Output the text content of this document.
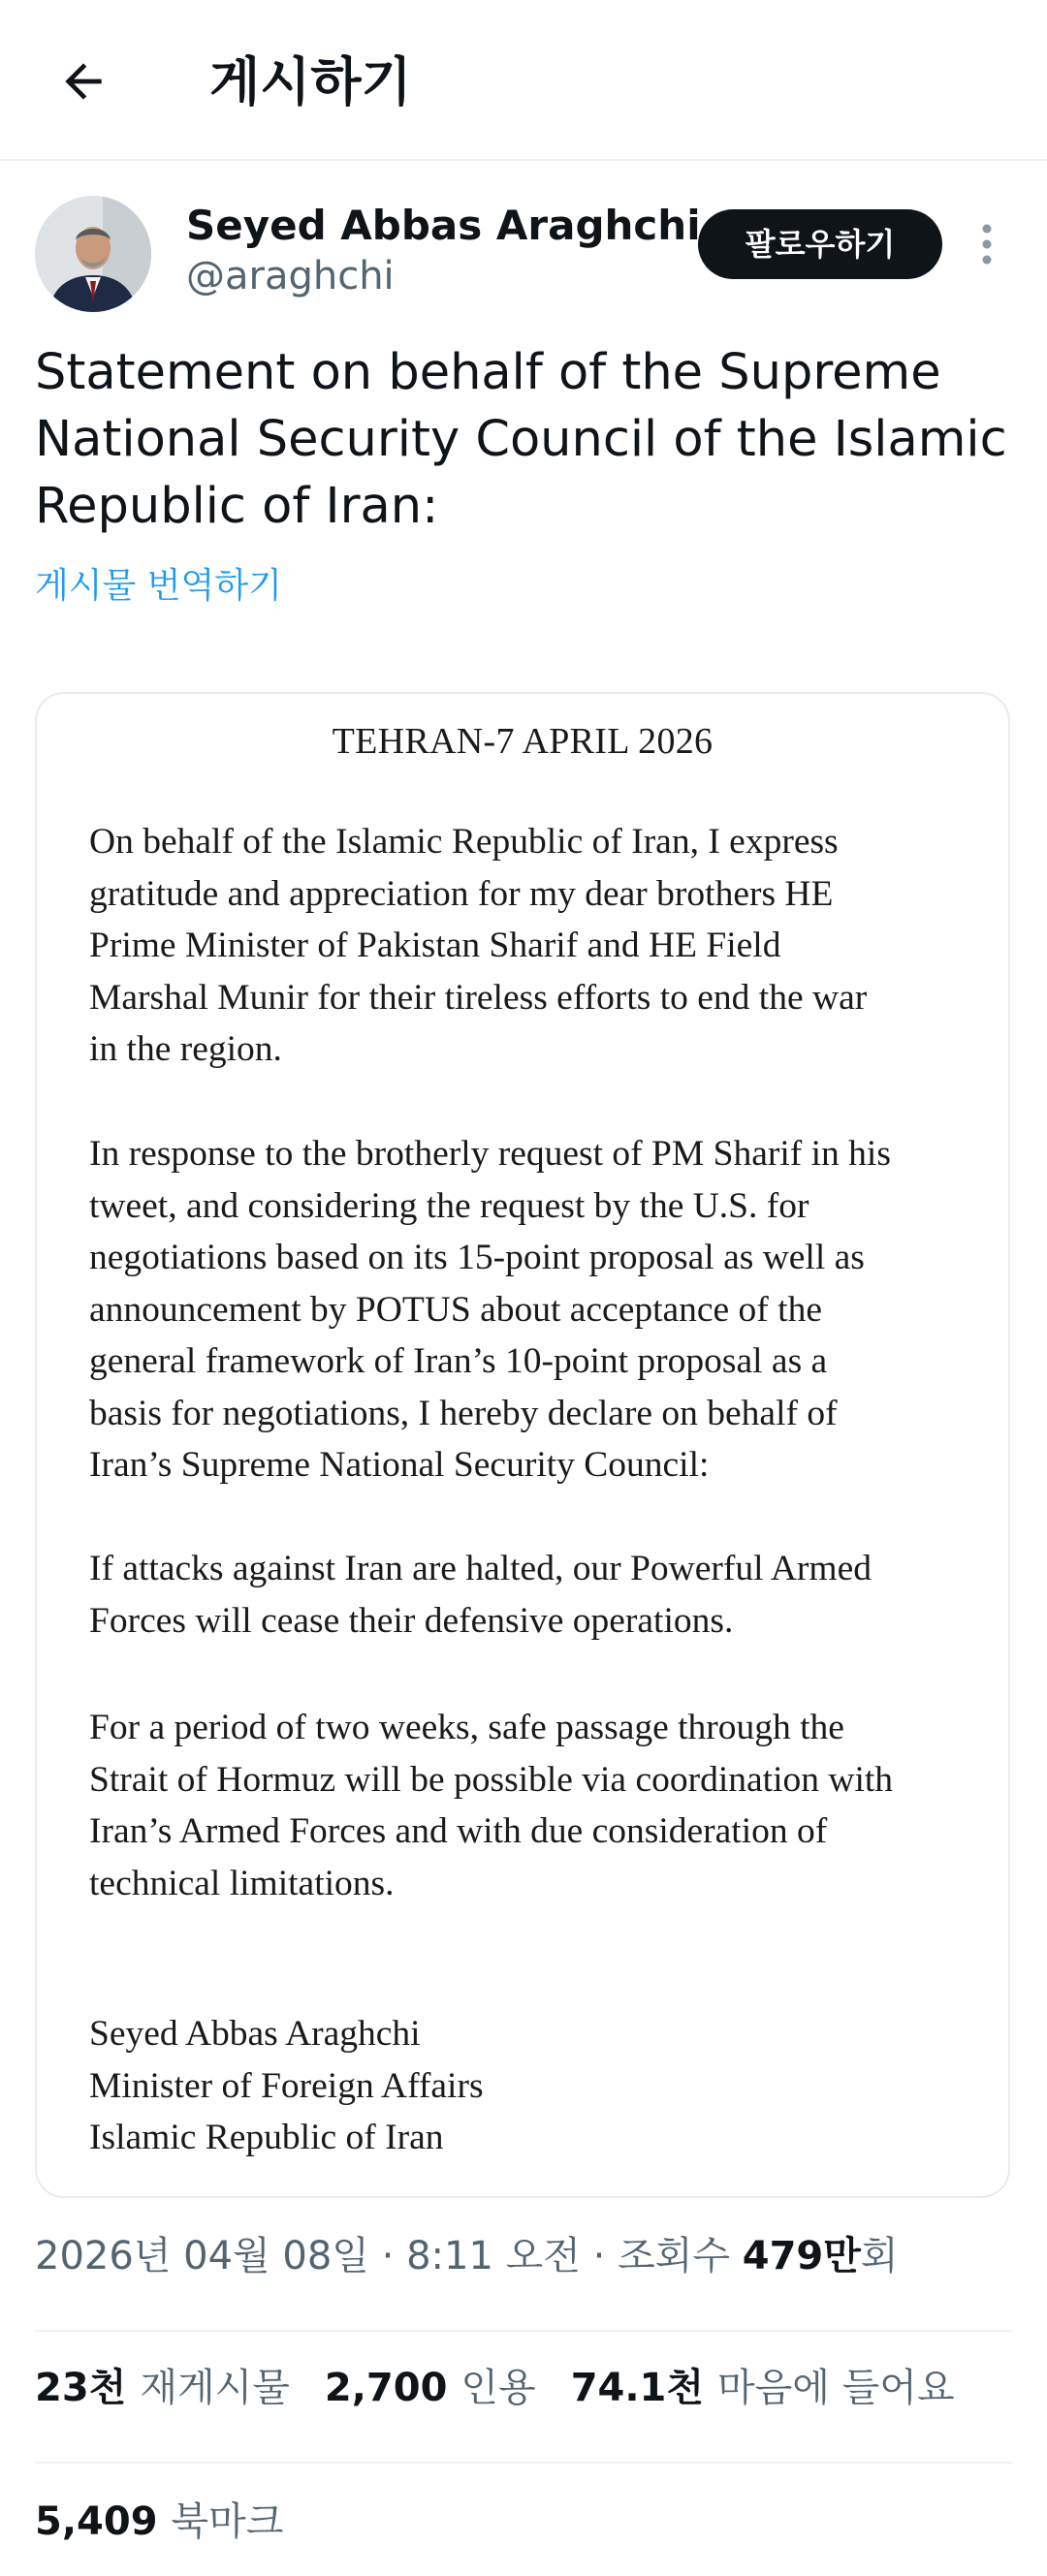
게시하기
Seyed Abbas Araghchi
@araghchi
팔로우하기
Statement on behalf of the Supreme National Security Council of the Islamic Republic of Iran:
게시물 번역하기
TEHRAN-7 APRIL 2026
On behalf of the Islamic Republic of Iran, I express
gratitude and appreciation for my dear brothers HE
Prime Minister of Pakistan Sharif and HE Field
Marshal Munir for their tireless efforts to end the war
in the region.
In response to the brotherly request of PM Sharif in his
tweet, and considering the request by the U.S. for
negotiations based on its 15-point proposal as well as
announcement by POTUS about acceptance of the
general framework of Iran’s 10-point proposal as a
basis for negotiations, I hereby declare on behalf of
Iran’s Supreme National Security Council:
If attacks against Iran are halted, our Powerful Armed
Forces will cease their defensive operations.
For a period of two weeks, safe passage through the
Strait of Hormuz will be possible via coordination with
Iran’s Armed Forces and with due consideration of
technical limitations.
Seyed Abbas Araghchi
Minister of Foreign Affairs
Islamic Republic of Iran
2026년 04월 08일 · 8:11 오전 · 조회수 479만회
23천 재게시물 2,700 인용 74.1천 마음에 들어요
5,409 북마크
